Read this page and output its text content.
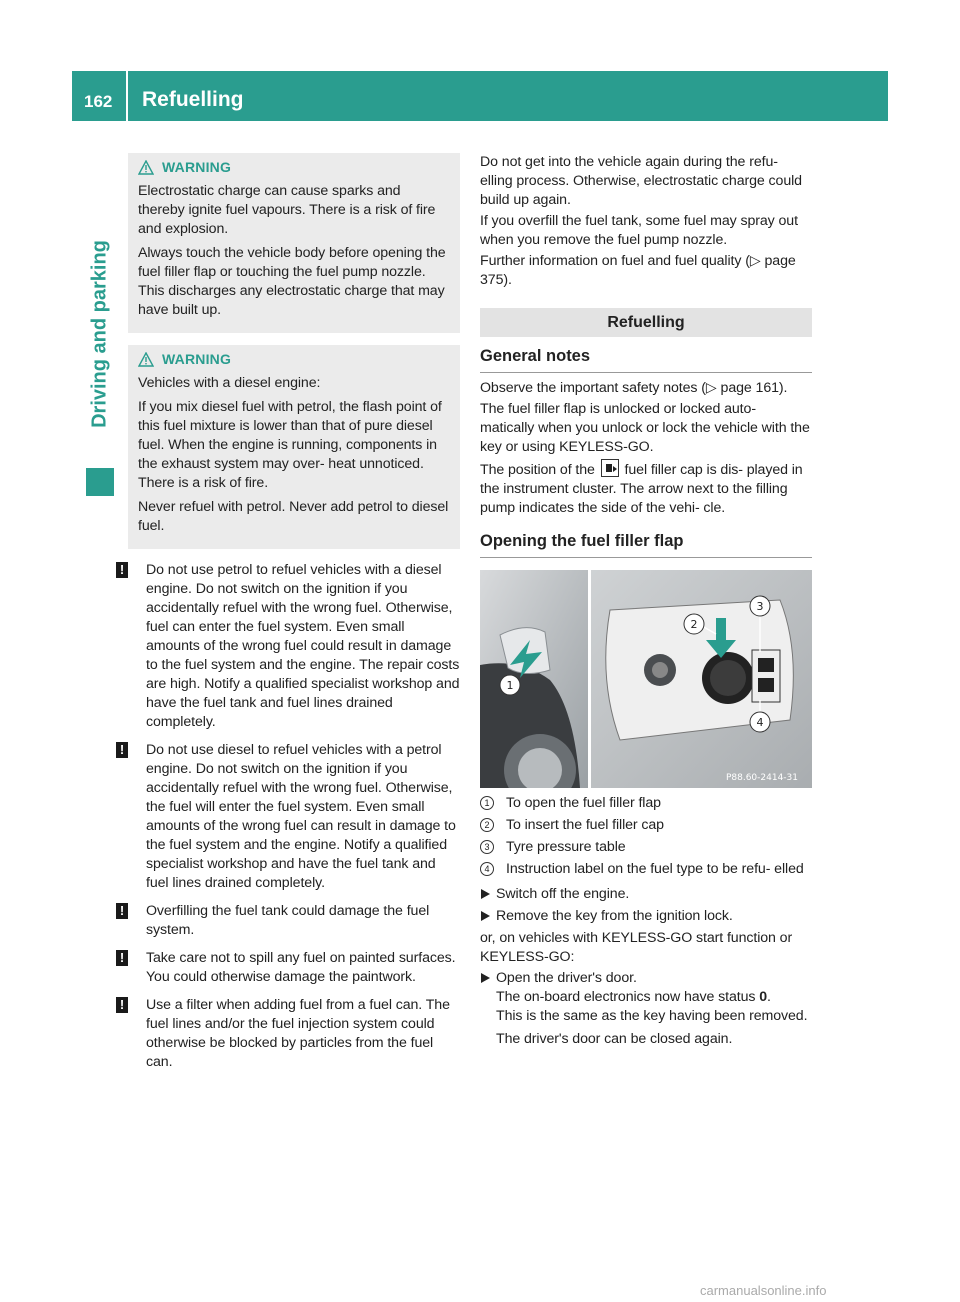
162 Refuelling
Driving and parking
WARNING

Electrostatic charge can cause sparks and thereby ignite fuel vapours. There is a risk of fire and explosion.

Always touch the vehicle body before opening the fuel filler flap or touching the fuel pump nozzle. This discharges any electrostatic charge that may have built up.

WARNING

Vehicles with a diesel engine:

If you mix diesel fuel with petrol, the flash point of this fuel mixture is lower than that of pure diesel fuel. When the engine is running, components in the exhaust system may over- heat unnoticed. There is a risk of fire.

Never refuel with petrol. Never add petrol to diesel fuel.

! Do not use petrol to refuel vehicles with a diesel engine. Do not switch on the ignition if you accidentally refuel with the wrong fuel. Otherwise, fuel can enter the fuel system. Even small amounts of the wrong fuel could result in damage to the fuel system and the engine. The repair costs are high. Notify a qualified specialist workshop and have the fuel tank and fuel lines drained completely.

! Do not use diesel to refuel vehicles with a petrol engine. Do not switch on the ignition if you accidentally refuel with the wrong fuel. Otherwise, the fuel will enter the fuel system. Even small amounts of the wrong fuel can result in damage to the fuel system and the engine. Notify a qualified specialist workshop and have the fuel tank and fuel lines drained completely.

! Overfilling the fuel tank could damage the fuel system.

! Take care not to spill any fuel on painted surfaces. You could otherwise damage the paintwork.

! Use a filter when adding fuel from a fuel can. The fuel lines and/or the fuel injection system could otherwise be blocked by particles from the fuel can.

Do not get into the vehicle again during the refu- elling process. Otherwise, electrostatic charge could build up again.

If you overfill the fuel tank, some fuel may spray out when you remove the fuel pump nozzle.

Further information on fuel and fuel quality (▷ page 375).

Refuelling
General notes

Observe the important safety notes (▷ page 161).

The fuel filler flap is unlocked or locked auto- matically when you unlock or lock the vehicle with the key or using KEYLESS-GO.

The position of the fuel filler cap is dis- played in the instrument cluster. The arrow next to the filling pump indicates the side of the vehi- cle.

Opening the fuel filler flap
1
2
3
4
P88.60-2414-31
1	To open the fuel filler flap

2	To insert the fuel filler cap

3	Tyre pressure table

4	Instruction label on the fuel type to be refu- elled

Switch off the engine.

Remove the key from the ignition lock.

or, on vehicles with KEYLESS-GO start function or KEYLESS-GO:

Open the driver's door.

The on-board electronics now have status 0.

This is the same as the key having been removed.

The driver's door can be closed again.

carmanualsonline.info
